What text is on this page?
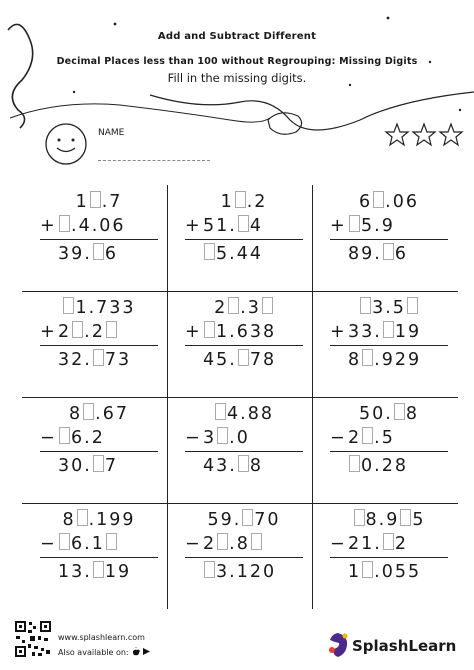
Add and Subtract Different
Decimal Places less than 100 without Regrouping: Missing Digits
Fill in the missing digits.
NAME
1 .7
+ .4.06
39. 6
1 .2
+ 51. 4
5.44
6 .06
+ 5.9
89. 6
1.733
+ 2 .2
32. 73
2 .3
+ 1.638
45. 78
3.5
+ 33. 19
8 .929
8 .67
− 6.2
30. 7
4.88
− 3 .0
43. 8
50. 8
− 2 .5
0.28
8 .199
− 6.1
13. 19
59. 70
− 2 .8
3.120
8.9 5
− 21. 2
1 .055
www.splashlearn.com
Also available on:	SplashLearn
